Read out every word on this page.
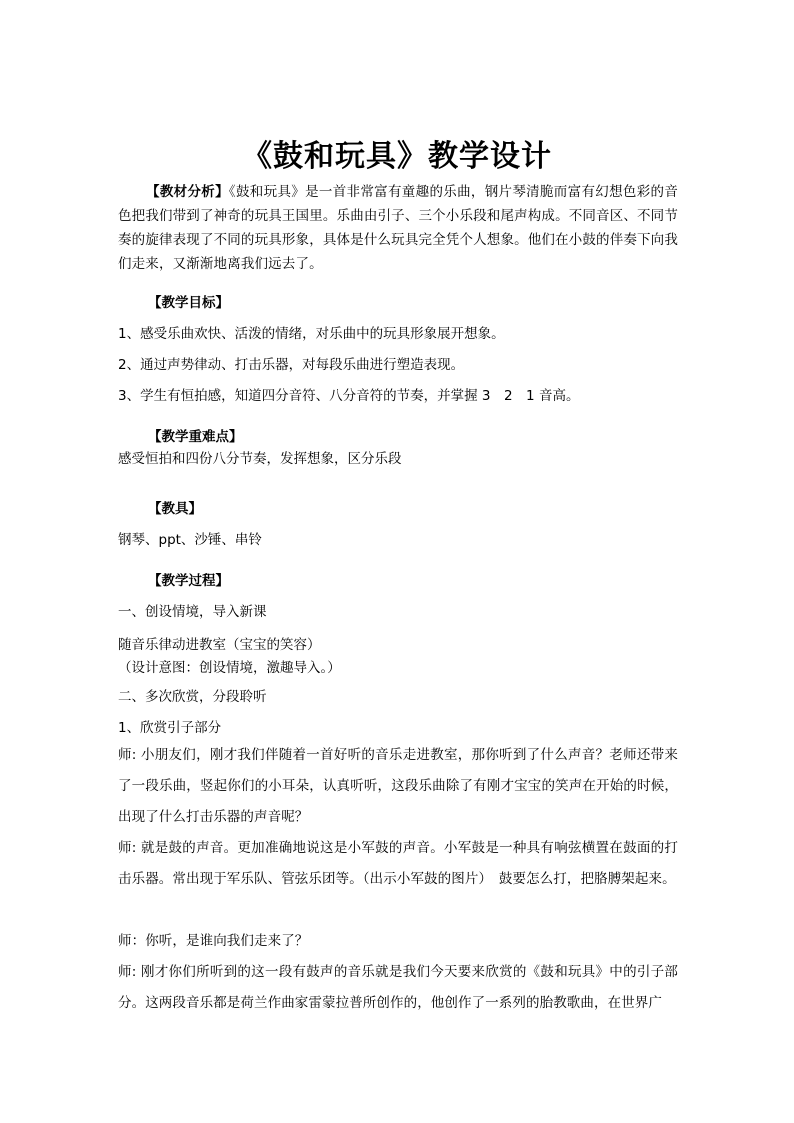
《鼓和玩具》教学设计
【教材分析】《鼓和玩具》是一首非常富有童趣的乐曲，钢片琴清脆而富有幻想色彩的音色把我们带到了神奇的玩具王国里。乐曲由引子、三个小乐段和尾声构成。不同音区、不同节奏的旋律表现了不同的玩具形象，具体是什么玩具完全凭个人想象。他们在小鼓的伴奏下向我们走来，又渐渐地离我们远去了。
【教学目标】
1、感受乐曲欢快、活泼的情绪，对乐曲中的玩具形象展开想象。
2、通过声势律动、打击乐器，对每段乐曲进行塑造表现。
3、学生有恒拍感，知道四分音符、八分音符的节奏，并掌握 3　2　1 音高。
【教学重难点】
感受恒拍和四份八分节奏，发挥想象，区分乐段
【教具】
钢琴、ppt、沙锤、串铃
【教学过程】
一、创设情境，导入新课
随音乐律动进教室（宝宝的笑容）
（设计意图：创设情境，激趣导入。）
二、多次欣赏，分段聆听
1、欣赏引子部分
师: 小朋友们，刚才我们伴随着一首好听的音乐走进教室，那你听到了什么声音？老师还带来了一段乐曲，竖起你们的小耳朵，认真听听，这段乐曲除了有刚才宝宝的笑声在开始的时候，出现了什么打击乐器的声音呢？
师: 就是鼓的声音。更加准确地说这是小军鼓的声音。小军鼓是一种具有响弦横置在鼓面的打击乐器。常出现于军乐队、管弦乐团等。（出示小军鼓的图片）　鼓要怎么打，把胳膊架起来。
师：你听，是谁向我们走来了？
师: 刚才你们所听到的这一段有鼓声的音乐就是我们今天要来欣赏的《鼓和玩具》中的引子部分。这两段音乐都是荷兰作曲家雷蒙拉普所创作的，他创作了一系列的胎教歌曲，在世界广
